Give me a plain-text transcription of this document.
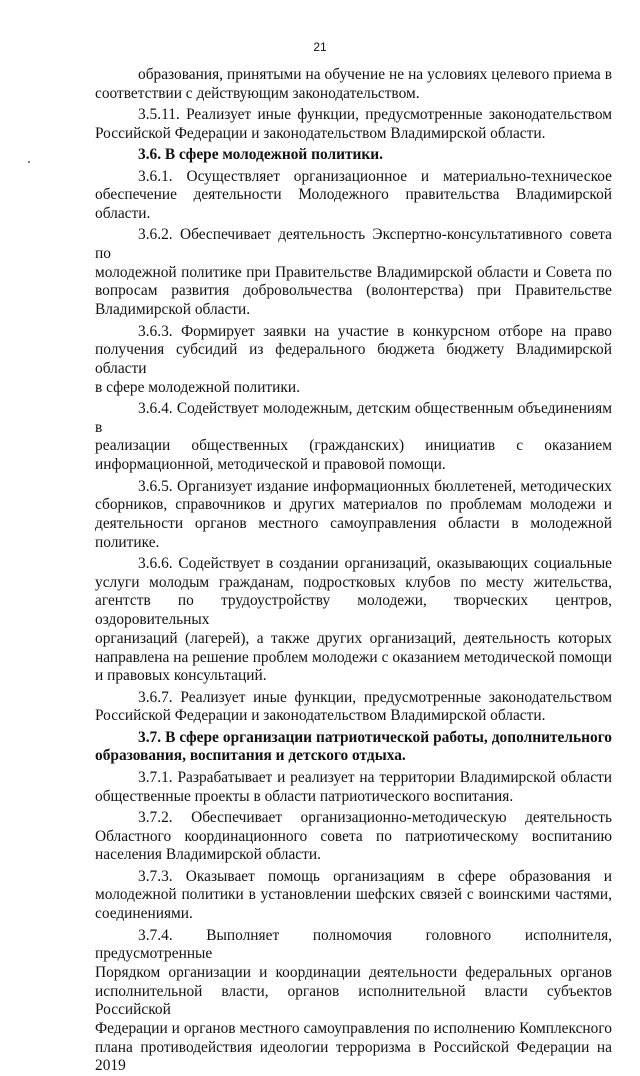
21

образования, принятыми на обучение не на условиях целевого приема в

соответствии с действующим законодательством.

3.5.11. Реализует иные функции, предусмотренные законодательством

Российской Федерации и законодательством Владимирской области.

3.6. В сфере молодежной политики.

3.6.1. Осуществляет организационное и материально-техническое

обеспечение деятельности Молодежного правительства Владимирской области.

3.6.2. Обеспечивает деятельность Экспертно-консультативного совета по

молодежной политике при Правительстве Владимирской области и Совета по

вопросам развития добровольчества (волонтерства) при Правительстве

Владимирской области.

3.6.3. Формирует заявки на участие в конкурсном отборе на право

получения субсидий из федерального бюджета бюджету Владимирской области

в сфере молодежной политики.

3.6.4. Содействует молодежным, детским общественным объединениям в

реализации общественных (гражданских) инициатив с оказанием

информационной, методической и правовой помощи.

3.6.5. Организует издание информационных бюллетеней, методических

сборников, справочников и других материалов по проблемам молодежи и

деятельности органов местного самоуправления области в молодежной

политике.

3.6.6. Содействует в создании организаций, оказывающих социальные

услуги молодым гражданам, подростковых клубов по месту жительства,

агентств по трудоустройству молодежи, творческих центров, оздоровительных

организаций (лагерей), а также других организаций, деятельность которых

направлена на решение проблем молодежи с оказанием методической помощи

и правовых консультаций.

3.6.7. Реализует иные функции, предусмотренные законодательством

Российской Федерации и законодательством Владимирской области.

3.7. В сфере организации патриотической работы, дополнительного

образования, воспитания и детского отдыха.

3.7.1. Разрабатывает и реализует на территории Владимирской области

общественные проекты в области патриотического воспитания.

3.7.2. Обеспечивает организационно-методическую деятельность

Областного координационного совета по патриотическому воспитанию

населения Владимирской области.

3.7.3. Оказывает помощь организациям в сфере образования и

молодежной политики в установлении шефских связей с воинскими частями,

соединениями.

3.7.4. Выполняет полномочия головного исполнителя, предусмотренные

Порядком организации и координации деятельности федеральных органов

исполнительной власти, органов исполнительной власти субъектов Российской

Федерации и органов местного самоуправления по исполнению Комплексного

плана противодействия идеологии терроризма в Российской Федерации на 2019
